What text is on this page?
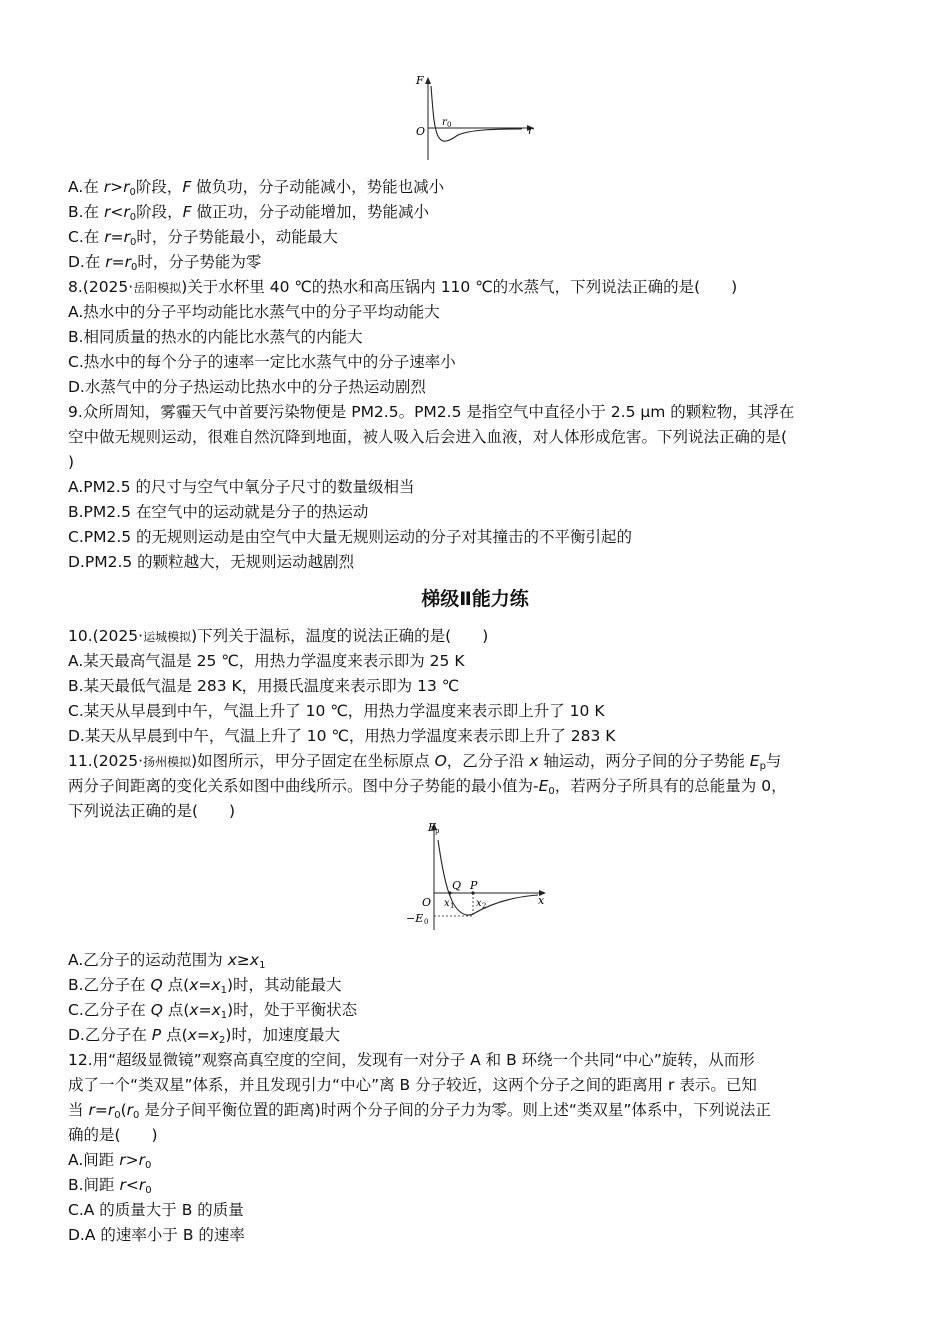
F
O
r 0	r
A.在 $r>r_0$阶段，F 做负功，分子动能减小，势能也减小
B.在 $r<r_0$阶段，F 做正功，分子动能增加，势能减小
C.在 $r=r_0$时，分子势能最小，动能最大
D.在 $r=r_0$时，分子势能为零
8.(2025·岳阳模拟)关于水杯里 40 ℃的热水和高压锅内 110 ℃的水蒸气，下列说法正确的是(　　)
A.热水中的分子平均动能比水蒸气中的分子平均动能大
B.相同质量的热水的内能比水蒸气的内能大
C.热水中的每个分子的速率一定比水蒸气中的分子速率小
D.水蒸气中的分子热运动比热水中的分子热运动剧烈
9.众所周知，雾霾天气中首要污染物便是 PM2.5。PM2.5 是指空气中直径小于 2.5 μm 的颗粒物，其浮在
空中做无规则运动，很难自然沉降到地面，被人吸入后会进入血液，对人体形成危害。下列说法正确的是(
)
A.PM2.5 的尺寸与空气中氧分子尺寸的数量级相当
B.PM2.5 在空气中的运动就是分子的热运动
C.PM2.5 的无规则运动是由空气中大量无规则运动的分子对其撞击的不平衡引起的
D.PM2.5 的颗粒越大，无规则运动越剧烈
梯级Ⅱ能力练
10.(2025·运城模拟)下列关于温标，温度的说法正确的是(　　)
A.某天最高气温是 25 ℃，用热力学温度来表示即为 25 K
B.某天最低气温是 283 K，用摄氏温度来表示即为 13 ℃
C.某天从早晨到中午，气温上升了 10 ℃，用热力学温度来表示即上升了 10 K
D.某天从早晨到中午，气温上升了 10 ℃，用热力学温度来表示即上升了 283 K
11.(2025·扬州模拟)如图所示，甲分子固定在坐标原点 O，乙分子沿 x 轴运动，两分子间的分子势能 $E_p$与
两分子间距离的变化关系如图中曲线所示。图中分子势能的最小值为$-E_0$，若两分子所具有的总能量为 0，
下列说法正确的是(　　)
E
p
Q P
O x 1 x 2	x
−E 0
A.乙分子的运动范围为 $x\ge x_1$
B.乙分子在 Q 点$(x=x_1)$时，其动能最大
C.乙分子在 Q 点$(x=x_1)$时，处于平衡状态
D.乙分子在 P 点$(x=x_2)$时，加速度最大
12.用“超级显微镜”观察高真空度的空间，发现有一对分子 A 和 B 环绕一个共同“中心”旋转，从而形
成了一个“类双星”体系，并且发现引力“中心”离 B 分子较近，这两个分子之间的距离用 r 表示。已知
当 $r=r_0(r_0$ 是分子间平衡位置的距离)时两个分子间的分子力为零。则上述“类双星”体系中，下列说法正
确的是(　　)
A.间距 $r>r_0$
B.间距 $r<r_0$
C.A 的质量大于 B 的质量
D.A 的速率小于 B 的速率
